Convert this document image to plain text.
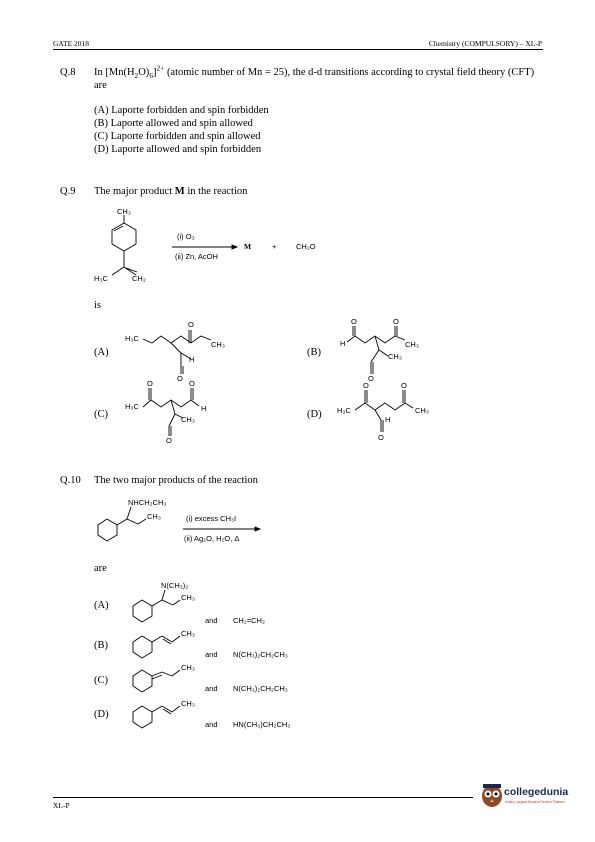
GATE 2018	Chemistry (COMPULSORY) – XL-P
Q.8 In $[Mn(H_2O)_6]^{2+}$ (atomic number of Mn = 25), the d-d transitions according to crystal field theory (CFT) are
(A) Laporte forbidden and spin forbidden
(B) Laporte allowed and spin allowed
(C) Laporte forbidden and spin allowed
(D) Laporte allowed and spin forbidden
Q.9 The major product M in the reaction
CH₃
H₃C	CH₂
(i) O₃
(ii) Zn, AcOH
M	+	CH₂O
is
(A)	(B)
(C)	(D)
H₃C
CH₃
O
H
O
H
O	O
CH₃
CH₃
O
H₃C	H
O	O
CH₃
O
H₃C	CH₃
O	O
H
O
Q.10 The two major products of the reaction
NHCH₂CH₃
CH₃	(i) excess CH₃I
(ii) Ag₂O, H₂O, Δ
are
(A)
(B)
(C)
(D)
N(CH₃)₂
CH₃
and CH₂=CH₂
CH₃
and N(CH₃)₂CH₂CH₃
CH₃
and N(CH₃)₂CH₂CH₃
CH₃
and HN(CH₃)CH₂CH₃
XL-P
collegedunia
India's Largest Student Review Platform
